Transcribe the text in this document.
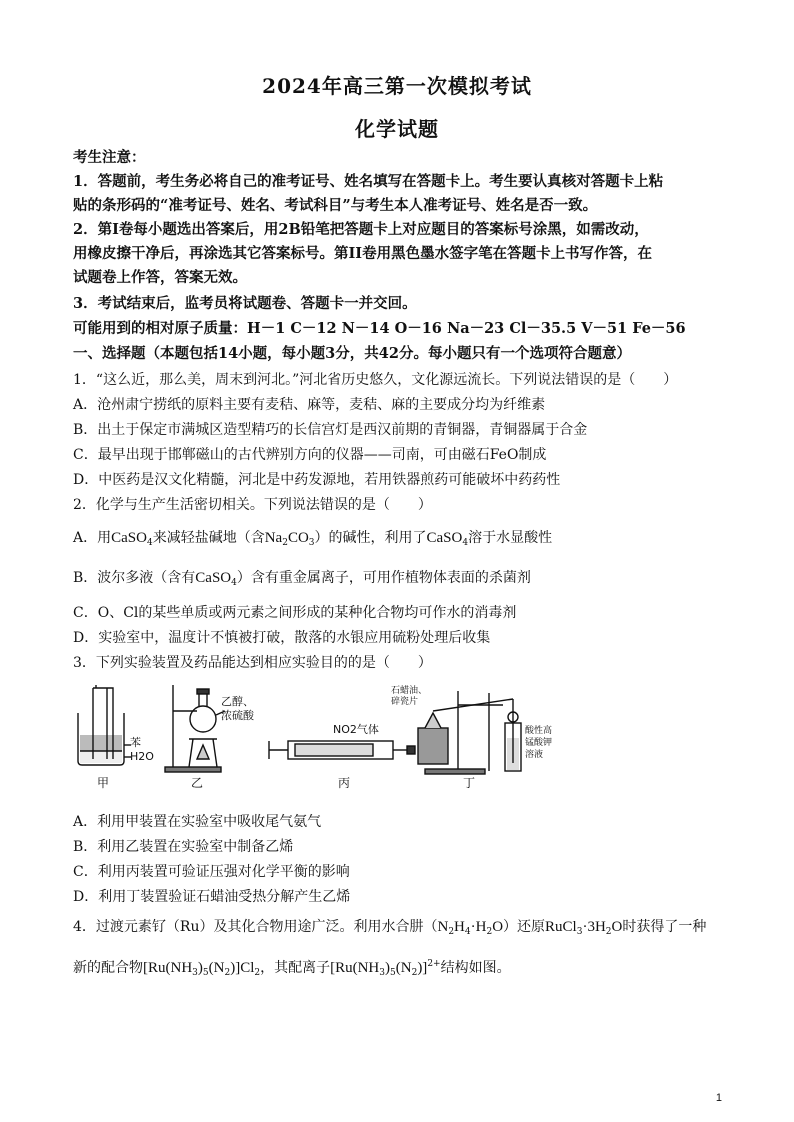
2024年高三第一次模拟考试
化学试题
考生注意：
1．答题前，考生务必将自己的准考证号、姓名填写在答题卡上。考生要认真核对答题卡上粘
贴的条形码的“准考证号、姓名、考试科目”与考生本人准考证号、姓名是否一致。
2．第Ⅰ卷每小题选出答案后，用2B铅笔把答题卡上对应题目的答案标号涂黑，如需改动，
用橡皮擦干净后，再涂选其它答案标号。第II卷用黑色墨水签字笔在答题卡上书写作答，在
试题卷上作答，答案无效。
3．考试结束后，监考员将试题卷、答题卡一并交回。
可能用到的相对原子质量：H－1 C－12 N－14 O－16 Na－23 Cl－35.5 V－51 Fe－56
一、选择题（本题包括14小题，每小题3分，共42分。每小题只有一个选项符合题意）
1．“这么近，那么美，周末到河北。”河北省历史悠久，文化源远流长。下列说法错误的是（　　）
A．沧州肃宁捞纸的原料主要有麦秸、麻等，麦秸、麻的主要成分均为纤维素
B．出土于保定市满城区造型精巧的长信宫灯是西汉前期的青铜器，青铜器属于合金
C．最早出现于邯郸磁山的古代辨别方向的仪器——司南，可由磁石FeO制成
D．中医药是汉文化精髓，河北是中药发源地，若用铁器煎药可能破坏中药药性
2．化学与生产生活密切相关。下列说法错误的是（　　）
A．用CaSO$_4$来减轻盐碱地（含$Na_2CO_3$）的碱性，利用了CaSO$_4$溶于水显酸性
B．波尔多液（含有CaSO$_4$）含有重金属离子，可用作植物体表面的杀菌剂
C．O、Cl的某些单质或两元素之间形成的某种化合物均可作水的消毒剂
D．实验室中，温度计不慎被打破，散落的水银应用硫粉处理后收集
3．下列实验装置及药品能达到相应实验目的的是（　　）
苯
H2O
乙醇、
浓硫酸
NO2气体
石蜡油、
碎瓷片
酸性高
锰酸钾
溶液
甲	乙	丙	丁
A．利用甲装置在实验室中吸收尾气氨气
B．利用乙装置在实验室中制备乙烯
C．利用丙装置可验证压强对化学平衡的影响
D．利用丁装置验证石蜡油受热分解产生乙烯
4．过渡元素钌（Ru）及其化合物用途广泛。利用水合肼$(N_2H_4\cdot H_2O)$还原$RuCl_3\cdot 3H_2O$时获得了一种
新的配合物$[Ru(NH_3)_5(N_2)]Cl_2$，其配离子$[Ru(NH_3)_5(N_2)]^{2+}$结构如图。
1
